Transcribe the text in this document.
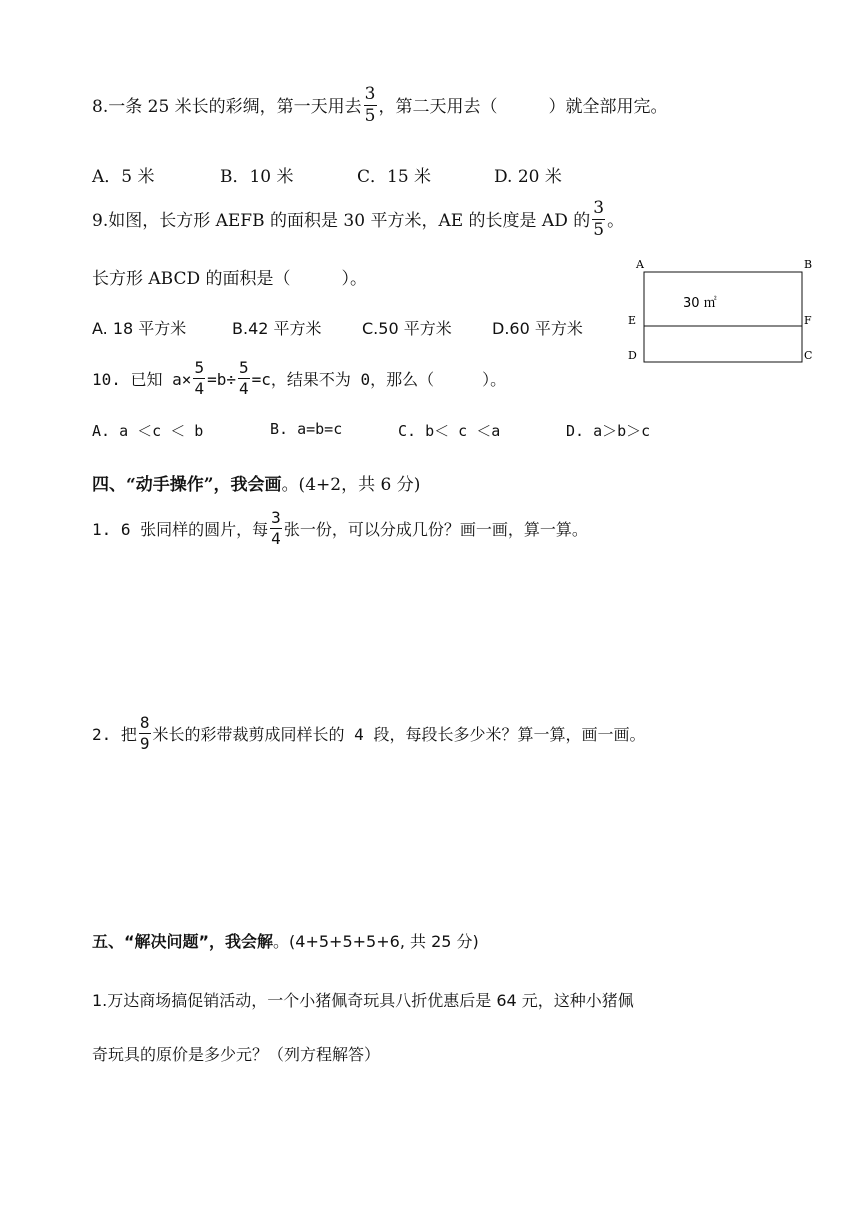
8.一条 25 米长的彩绸，第一天用去 $\frac{3}{5}$ ，第二天用去（　　　）就全部用完。
A．5 米	B．10 米	C．15 米	D. 20 米
9.如图，长方形 AEFB 的面积是 30 平方米，AE 的长度是 AD 的 $\frac{3}{5}$ 。
长方形 ABCD 的面积是（　　　）。
A. 18 平方米	B.42 平方米	C.50 平方米	D.60 平方米
A	B
E	F
D	C
30 ㎡
10. 已知 $a\times \frac{5}{4} =b\div \frac{5}{4} =c$，结果不为 0，那么（　　　）。
A. a ＜c ＜ b	B. a=b=c	C. b＜ c ＜a	D. a＞b＞c
四、“动手操作”，我会画。(4+2，共 6 分)
1. 6 张同样的圆片，每 $\frac{3}{4}$ 张一份，可以分成几份？画一画，算一算。
2. 把 $\frac{8}{9}$ 米长的彩带裁剪成同样长的 4 段，每段长多少米？算一算，画一画。
五、“解决问题”，我会解。(4+5+5+5+6, 共 25 分)
1.万达商场搞促销活动，一个小猪佩奇玩具八折优惠后是 64 元，这种小猪佩
奇玩具的原价是多少元？（列方程解答）
